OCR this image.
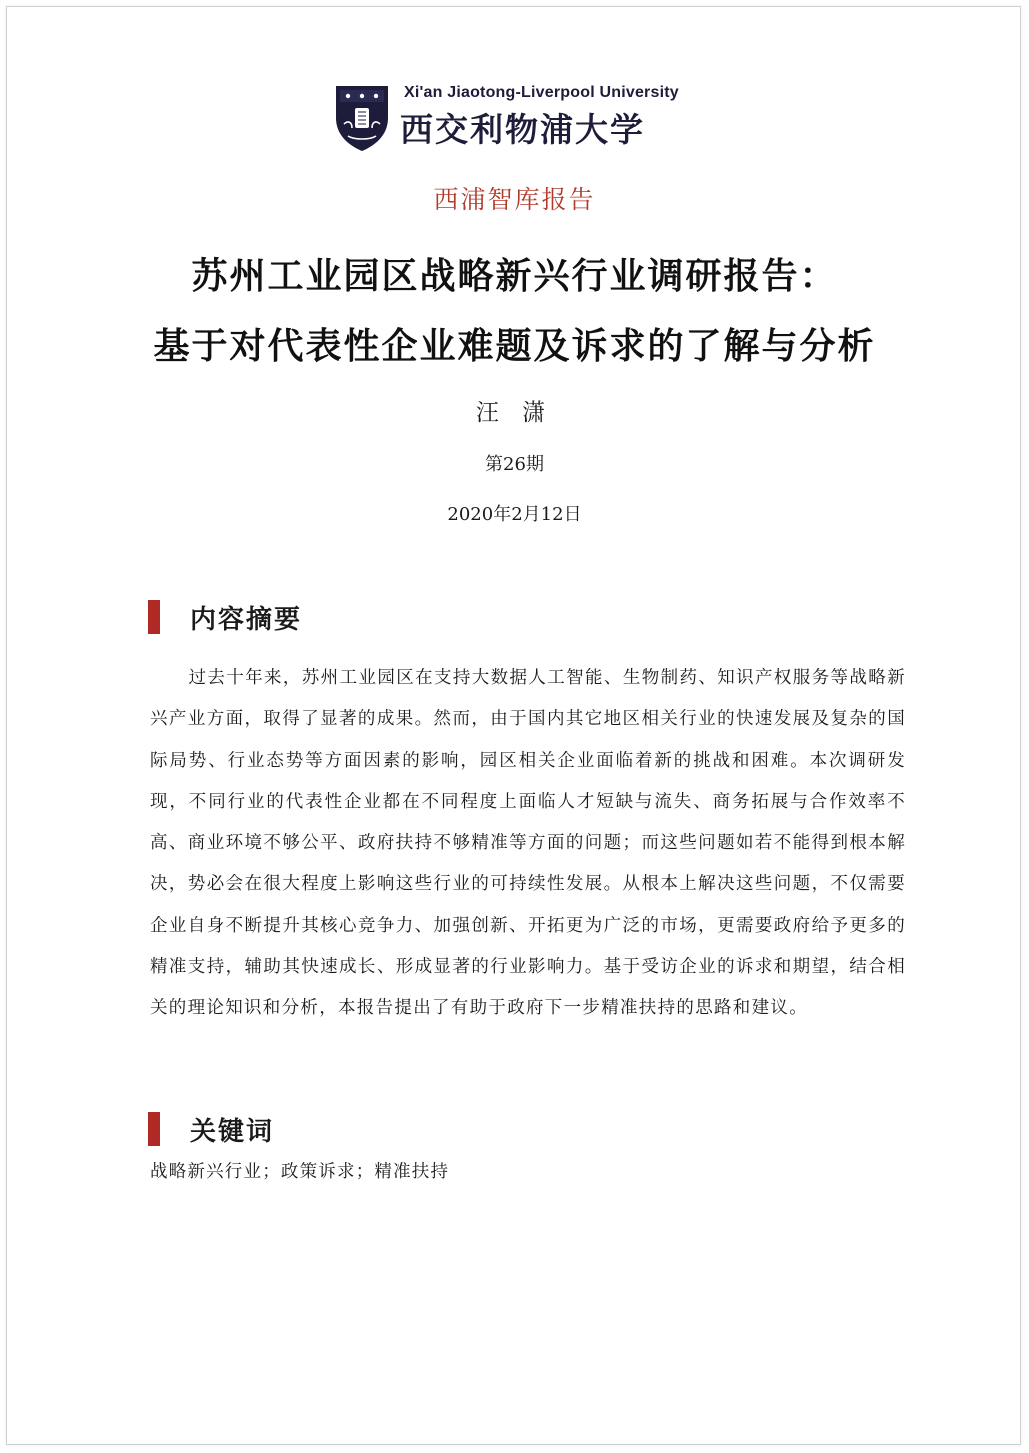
Xi'an Jiaotong-Liverpool University
西交利物浦大学
西浦智库报告
苏州工业园区战略新兴行业调研报告：
基于对代表性企业难题及诉求的了解与分析
汪 潇
第26期
2020年2月12日
内容摘要
过去十年来，苏州工业园区在支持大数据人工智能、生物制药、知识产权服务等战略新兴产业方面，取得了显著的成果。然而，由于国内其它地区相关行业的快速发展及复杂的国际局势、行业态势等方面因素的影响，园区相关企业面临着新的挑战和困难。本次调研发现，不同行业的代表性企业都在不同程度上面临人才短缺与流失、商务拓展与合作效率不高、商业环境不够公平、政府扶持不够精准等方面的问题；而这些问题如若不能得到根本解决，势必会在很大程度上影响这些行业的可持续性发展。从根本上解决这些问题，不仅需要企业自身不断提升其核心竞争力、加强创新、开拓更为广泛的市场，更需要政府给予更多的精准支持，辅助其快速成长、形成显著的行业影响力。基于受访企业的诉求和期望，结合相关的理论知识和分析，本报告提出了有助于政府下一步精准扶持的思路和建议。
关键词
战略新兴行业；政策诉求；精准扶持
